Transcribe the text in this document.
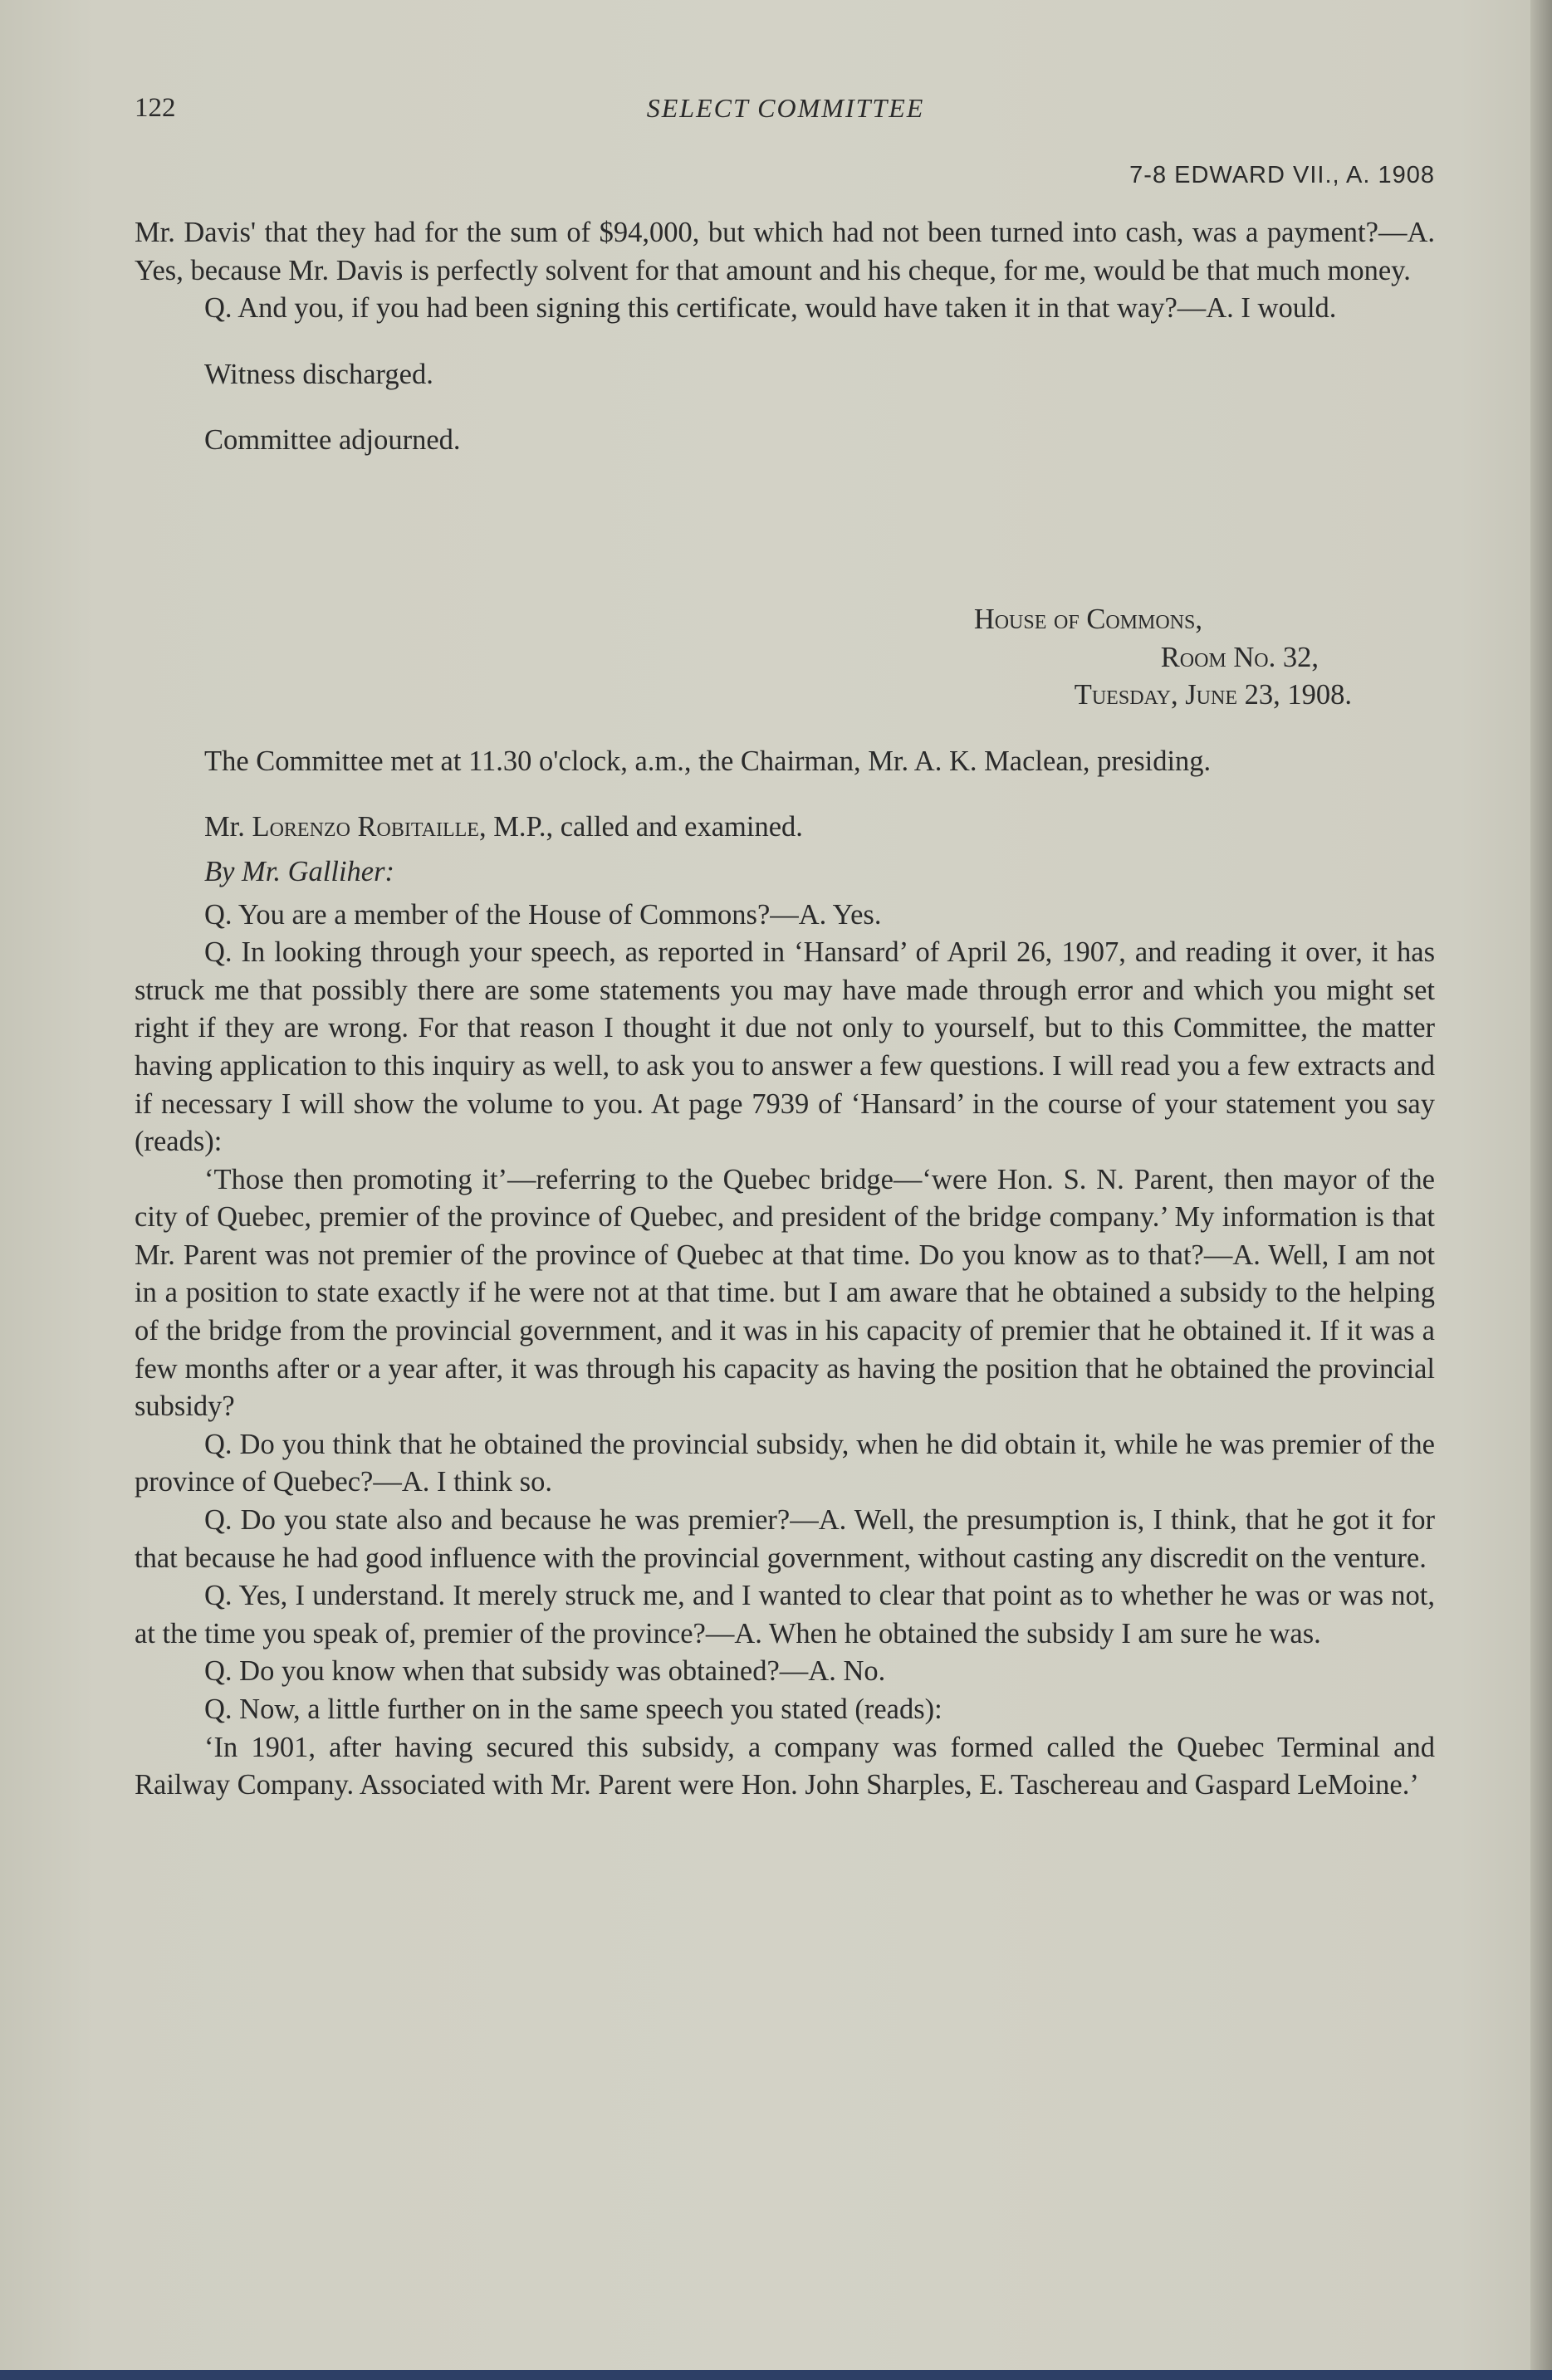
122	SELECT COMMITTEE
7-8 EDWARD VII., A. 1908

Mr. Davis' that they had for the sum of $94,000, but which had not been turned into cash, was a payment?—A. Yes, because Mr. Davis is perfectly solvent for that amount and his cheque, for me, would be that much money.

Q. And you, if you had been signing this certificate, would have taken it in that way?—A. I would.

Witness discharged.

Committee adjourned.

House of Commons,

Room No. 32,

Tuesday, June 23, 1908.

The Committee met at 11.30 o'clock, a.m., the Chairman, Mr. A. K. Maclean, presiding.

Mr. Lorenzo Robitaille, M.P., called and examined.

By Mr. Galliher:

Q. You are a member of the House of Commons?—A. Yes.

Q. In looking through your speech, as reported in ‘Hansard’ of April 26, 1907, and reading it over, it has struck me that possibly there are some statements you may have made through error and which you might set right if they are wrong. For that reason I thought it due not only to yourself, but to this Committee, the matter having application to this inquiry as well, to ask you to answer a few questions. I will read you a few extracts and if necessary I will show the volume to you. At page 7939 of ‘Hansard’ in the course of your statement you say (reads):

‘Those then promoting it’—referring to the Quebec bridge—‘were Hon. S. N. Parent, then mayor of the city of Quebec, premier of the province of Quebec, and president of the bridge company.’ My information is that Mr. Parent was not premier of the province of Quebec at that time. Do you know as to that?—A. Well, I am not in a position to state exactly if he were not at that time. but I am aware that he obtained a subsidy to the helping of the bridge from the provincial government, and it was in his capacity of premier that he obtained it. If it was a few months after or a year after, it was through his capacity as having the position that he obtained the provincial subsidy?

Q. Do you think that he obtained the provincial subsidy, when he did obtain it, while he was premier of the province of Quebec?—A. I think so.

Q. Do you state also and because he was premier?—A. Well, the presumption is, I think, that he got it for that because he had good influence with the provincial government, without casting any discredit on the venture.

Q. Yes, I understand. It merely struck me, and I wanted to clear that point as to whether he was or was not, at the time you speak of, premier of the province?—A. When he obtained the subsidy I am sure he was.

Q. Do you know when that subsidy was obtained?—A. No.

Q. Now, a little further on in the same speech you stated (reads):

‘In 1901, after having secured this subsidy, a company was formed called the Quebec Terminal and Railway Company. Associated with Mr. Parent were Hon. John Sharples, E. Taschereau and Gaspard LeMoine.’
